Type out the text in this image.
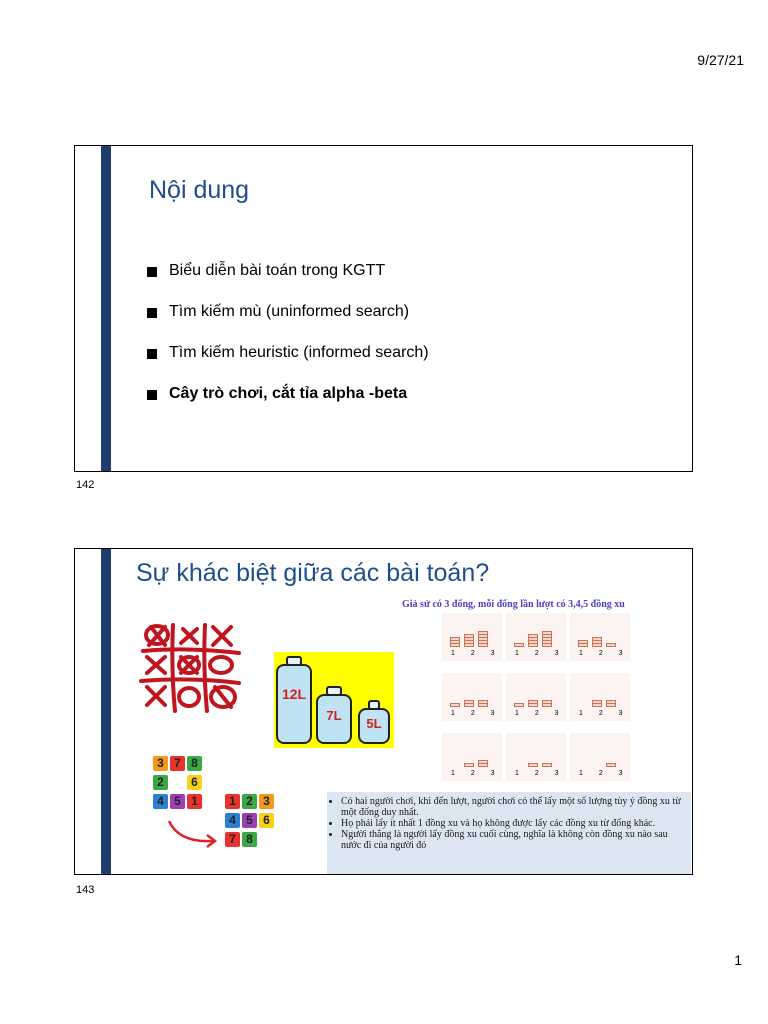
9/27/21
Nội dung
Biểu diễn bài toán trong KGTT
Tìm kiếm mù (uninformed search)
Tìm kiếm heuristic (informed search)
Cây trò chơi, cắt tỉa alpha -beta
142
Sự khác biệt giữa các bài toán?
12L
7L
5L
3 7 8
2	6
4 5 1	1 2 3
4 5 6
7 8
Giả sử có 3 đống, mỗi đống lần lượt có 3,4,5 đồng xu
1 2 3 1 2 3 1 2 3
1 2 3 1 2 3 1 2 3
1 2 3 1 2 3 1 2 3
• Có hai người chơi, khi đến lượt, người chơi có thể lấy một số lượng tùy ý đồng xu từ một đống duy nhất.
• Họ phải lấy ít nhất 1 đồng xu và họ không được lấy các đồng xu từ đống khác.
• Người thắng là người lấy đồng xu cuối cùng, nghĩa là không còn đồng xu nào sau nước đi của người đó
143
1
